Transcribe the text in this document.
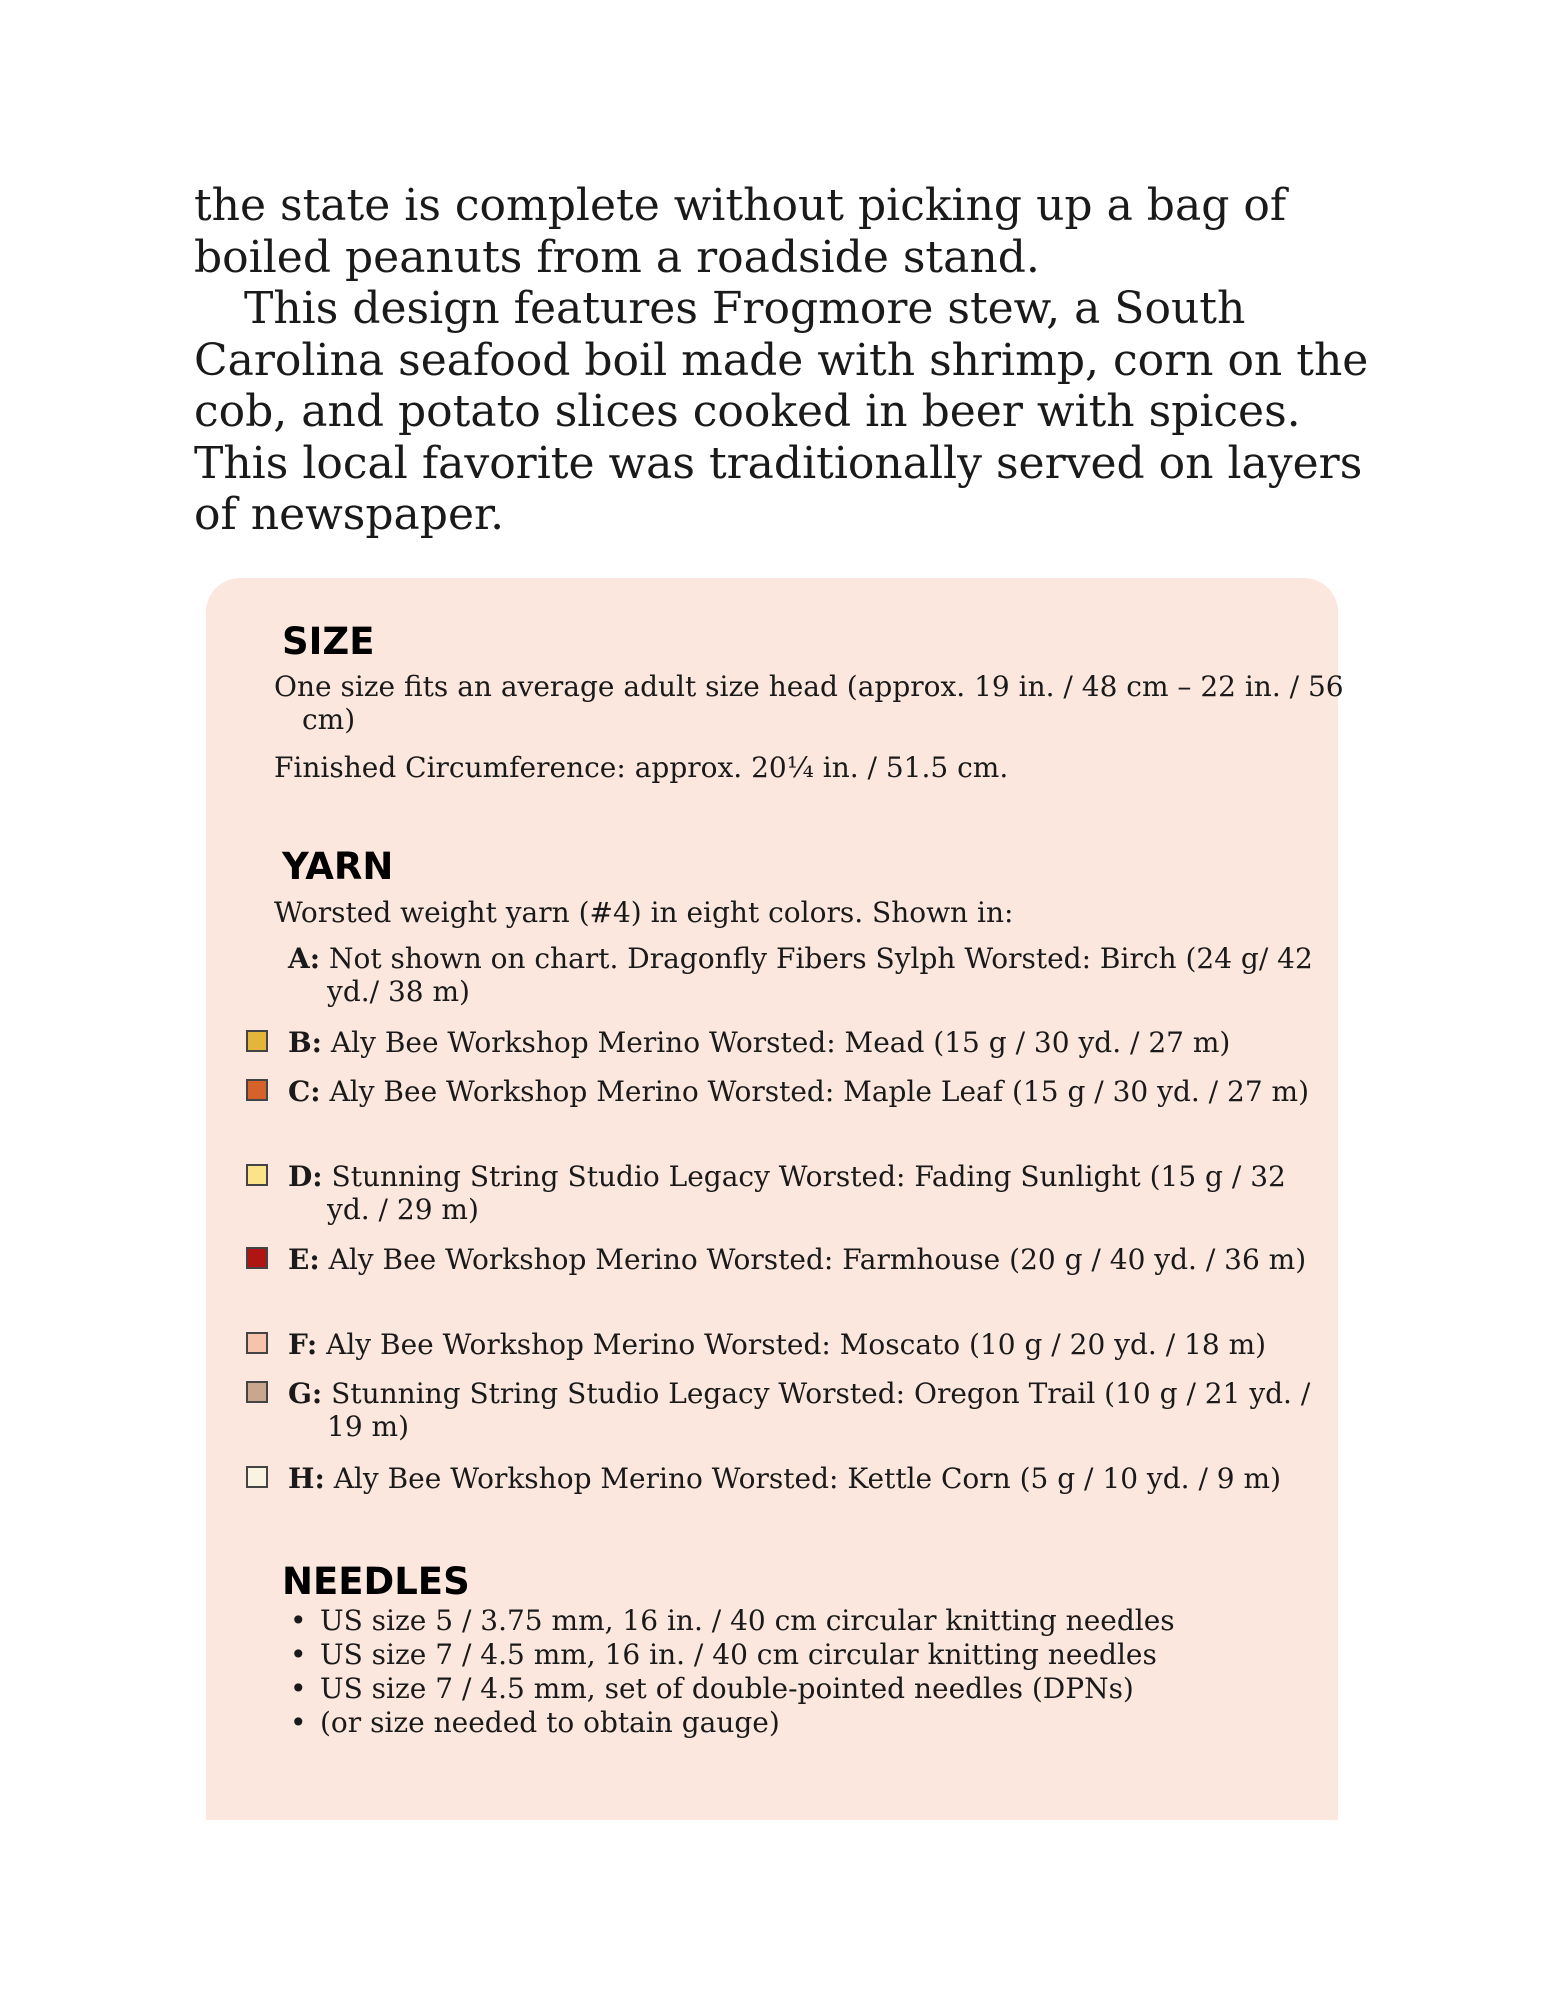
the state is complete without picking up a bag of boiled peanuts from a roadside stand.

This design features Frogmore stew, a South Carolina seafood boil made with shrimp, corn on the cob, and potato slices cooked in beer with spices. This local favorite was traditionally served on layers of newspaper.

SIZE
One size fits an average adult size head (approx. 19 in. / 48 cm – 22 in. / 56 cm)
Finished Circumference: approx. 20¼ in. / 51.5 cm.
YARN
Worsted weight yarn (#4) in eight colors. Shown in:
A: Not shown on chart. Dragonfly Fibers Sylph Worsted: Birch (24 g/ 42 yd./ 38 m)
B: Aly Bee Workshop Merino Worsted: Mead (15 g / 30 yd. / 27 m)
C: Aly Bee Workshop Merino Worsted: Maple Leaf (15 g / 30 yd. / 27 m)
D: Stunning String Studio Legacy Worsted: Fading Sunlight (15 g / 32 yd. / 29 m)
E: Aly Bee Workshop Merino Worsted: Farmhouse (20 g / 40 yd. / 36 m)
F: Aly Bee Workshop Merino Worsted: Moscato (10 g / 20 yd. / 18 m)
G: Stunning String Studio Legacy Worsted: Oregon Trail (10 g / 21 yd. / 19 m)
H: Aly Bee Workshop Merino Worsted: Kettle Corn (5 g / 10 yd. / 9 m)
NEEDLES
• US size 5 / 3.75 mm, 16 in. / 40 cm circular knitting needles
• US size 7 / 4.5 mm, 16 in. / 40 cm circular knitting needles
• US size 7 / 4.5 mm, set of double-pointed needles (DPNs)
• (or size needed to obtain gauge)
